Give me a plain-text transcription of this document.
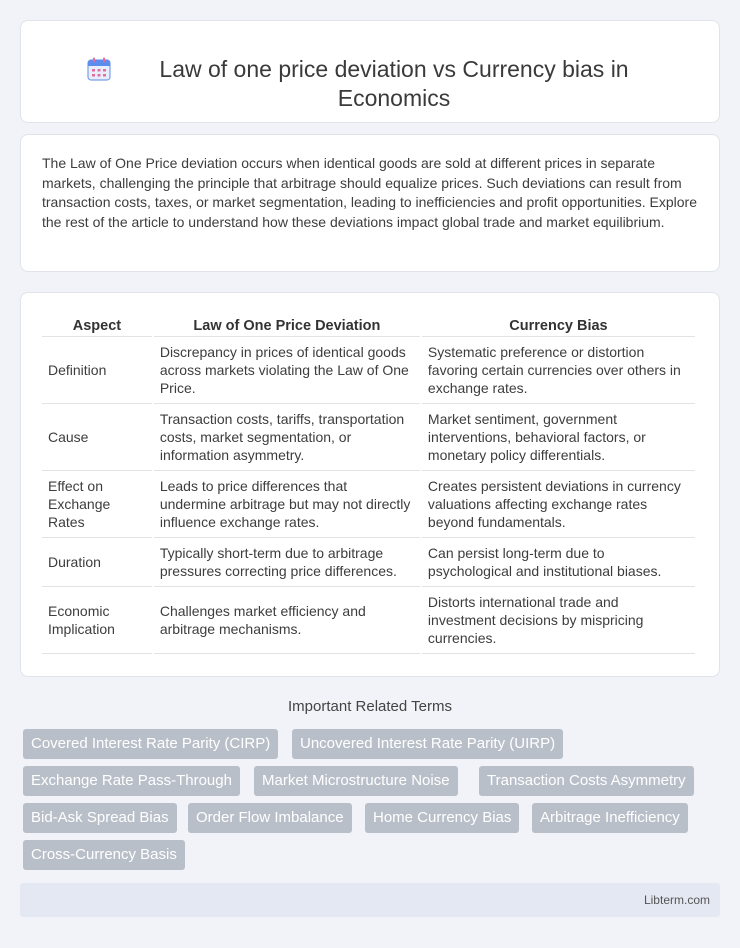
Law of one price deviation vs Currency bias in Economics

The Law of One Price deviation occurs when identical goods are sold at different prices in separate markets, challenging the principle that arbitrage should equalize prices. Such deviations can result from transaction costs, taxes, or market segmentation, leading to inefficiencies and profit opportunities. Explore the rest of the article to understand how these deviations impact global trade and market equilibrium.

Aspect	Law of One Price Deviation	Currency Bias
Definition	Discrepancy in prices of identical goods across markets violating the Law of One Price.	Systematic preference or distortion favoring certain currencies over others in exchange rates.
Cause	Transaction costs, tariffs, transportation costs, market segmentation, or information asymmetry.	Market sentiment, government interventions, behavioral factors, or monetary policy differentials.
Effect on Exchange Rates	Leads to price differences that undermine arbitrage but may not directly influence exchange rates.	Creates persistent deviations in currency valuations affecting exchange rates beyond fundamentals.
Duration	Typically short-term due to arbitrage pressures correcting price differences.	Can persist long-term due to psychological and institutional biases.
Economic Implication	Challenges market efficiency and arbitrage mechanisms.	Distorts international trade and investment decisions by mispricing currencies.
Important Related Terms
Covered Interest Rate Parity (CIRP)	Uncovered Interest Rate Parity (UIRP)
Exchange Rate Pass-Through	Market Microstructure Noise	Transaction Costs Asymmetry
Bid-Ask Spread Bias	Order Flow Imbalance	Home Currency Bias	Arbitrage Inefficiency
Cross-Currency Basis
Libterm.com
